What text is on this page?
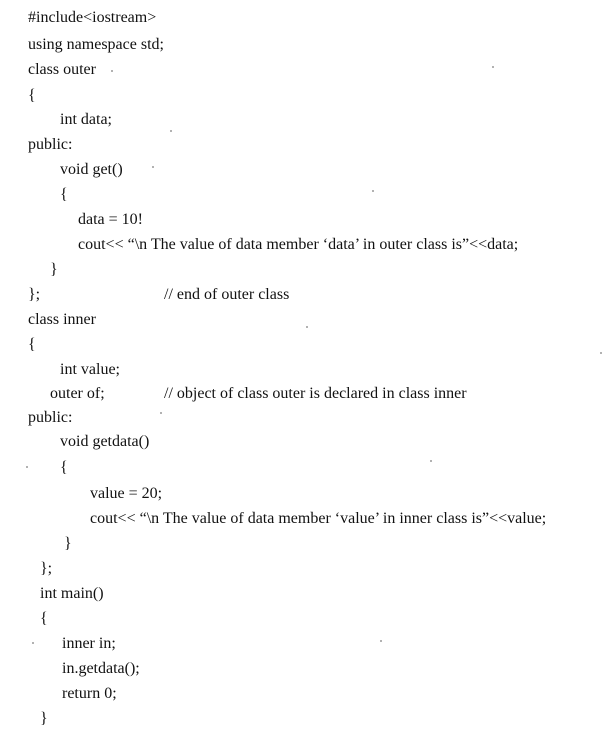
#include<iostream>
using namespace std;
class outer
{
int data;
public:
void get()
{
data = 10!
cout<< “\n The value of data member ‘data’ in outer class is”<<data;
}
};	// end of outer class
class inner
{
int value;
outer of;	// object of class outer is declared in class inner
public:
void getdata()
{
value = 20;
cout<< “\n The value of data member ‘value’ in inner class is”<<value;
}
};
int main()
{
inner in;
in.getdata();
return 0;
}
